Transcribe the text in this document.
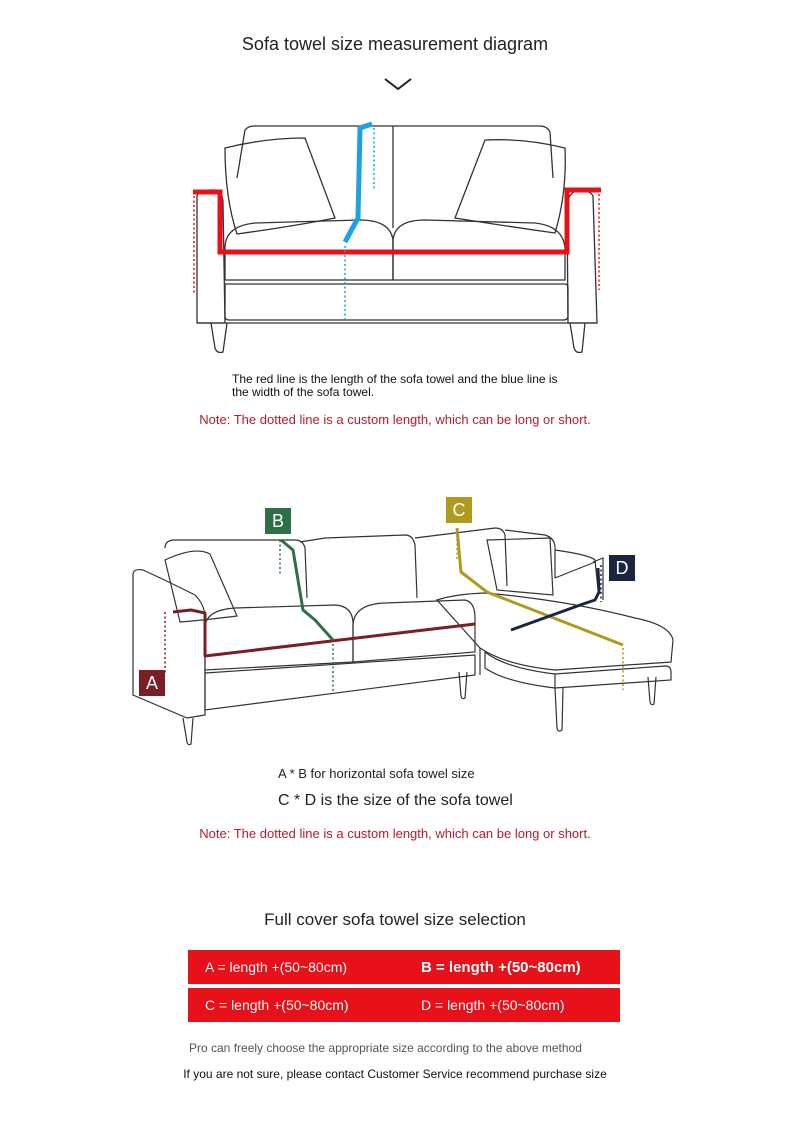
Sofa towel size measurement diagram
The red line is the length of the sofa towel and the blue line is
the width of the sofa towel.
Note: The dotted line is a custom length, which can be long or short.
A
B
C
D
A * B for horizontal sofa towel size
C * D is the size of the sofa towel
Note: The dotted line is a custom length, which can be long or short.
Full cover sofa towel size selection
A = length +(50~80cm)	B = length +(50~80cm)
C = length +(50~80cm)	D = length +(50~80cm)
Pro can freely choose the appropriate size according to the above method
If you are not sure, please contact Customer Service recommend purchase size
